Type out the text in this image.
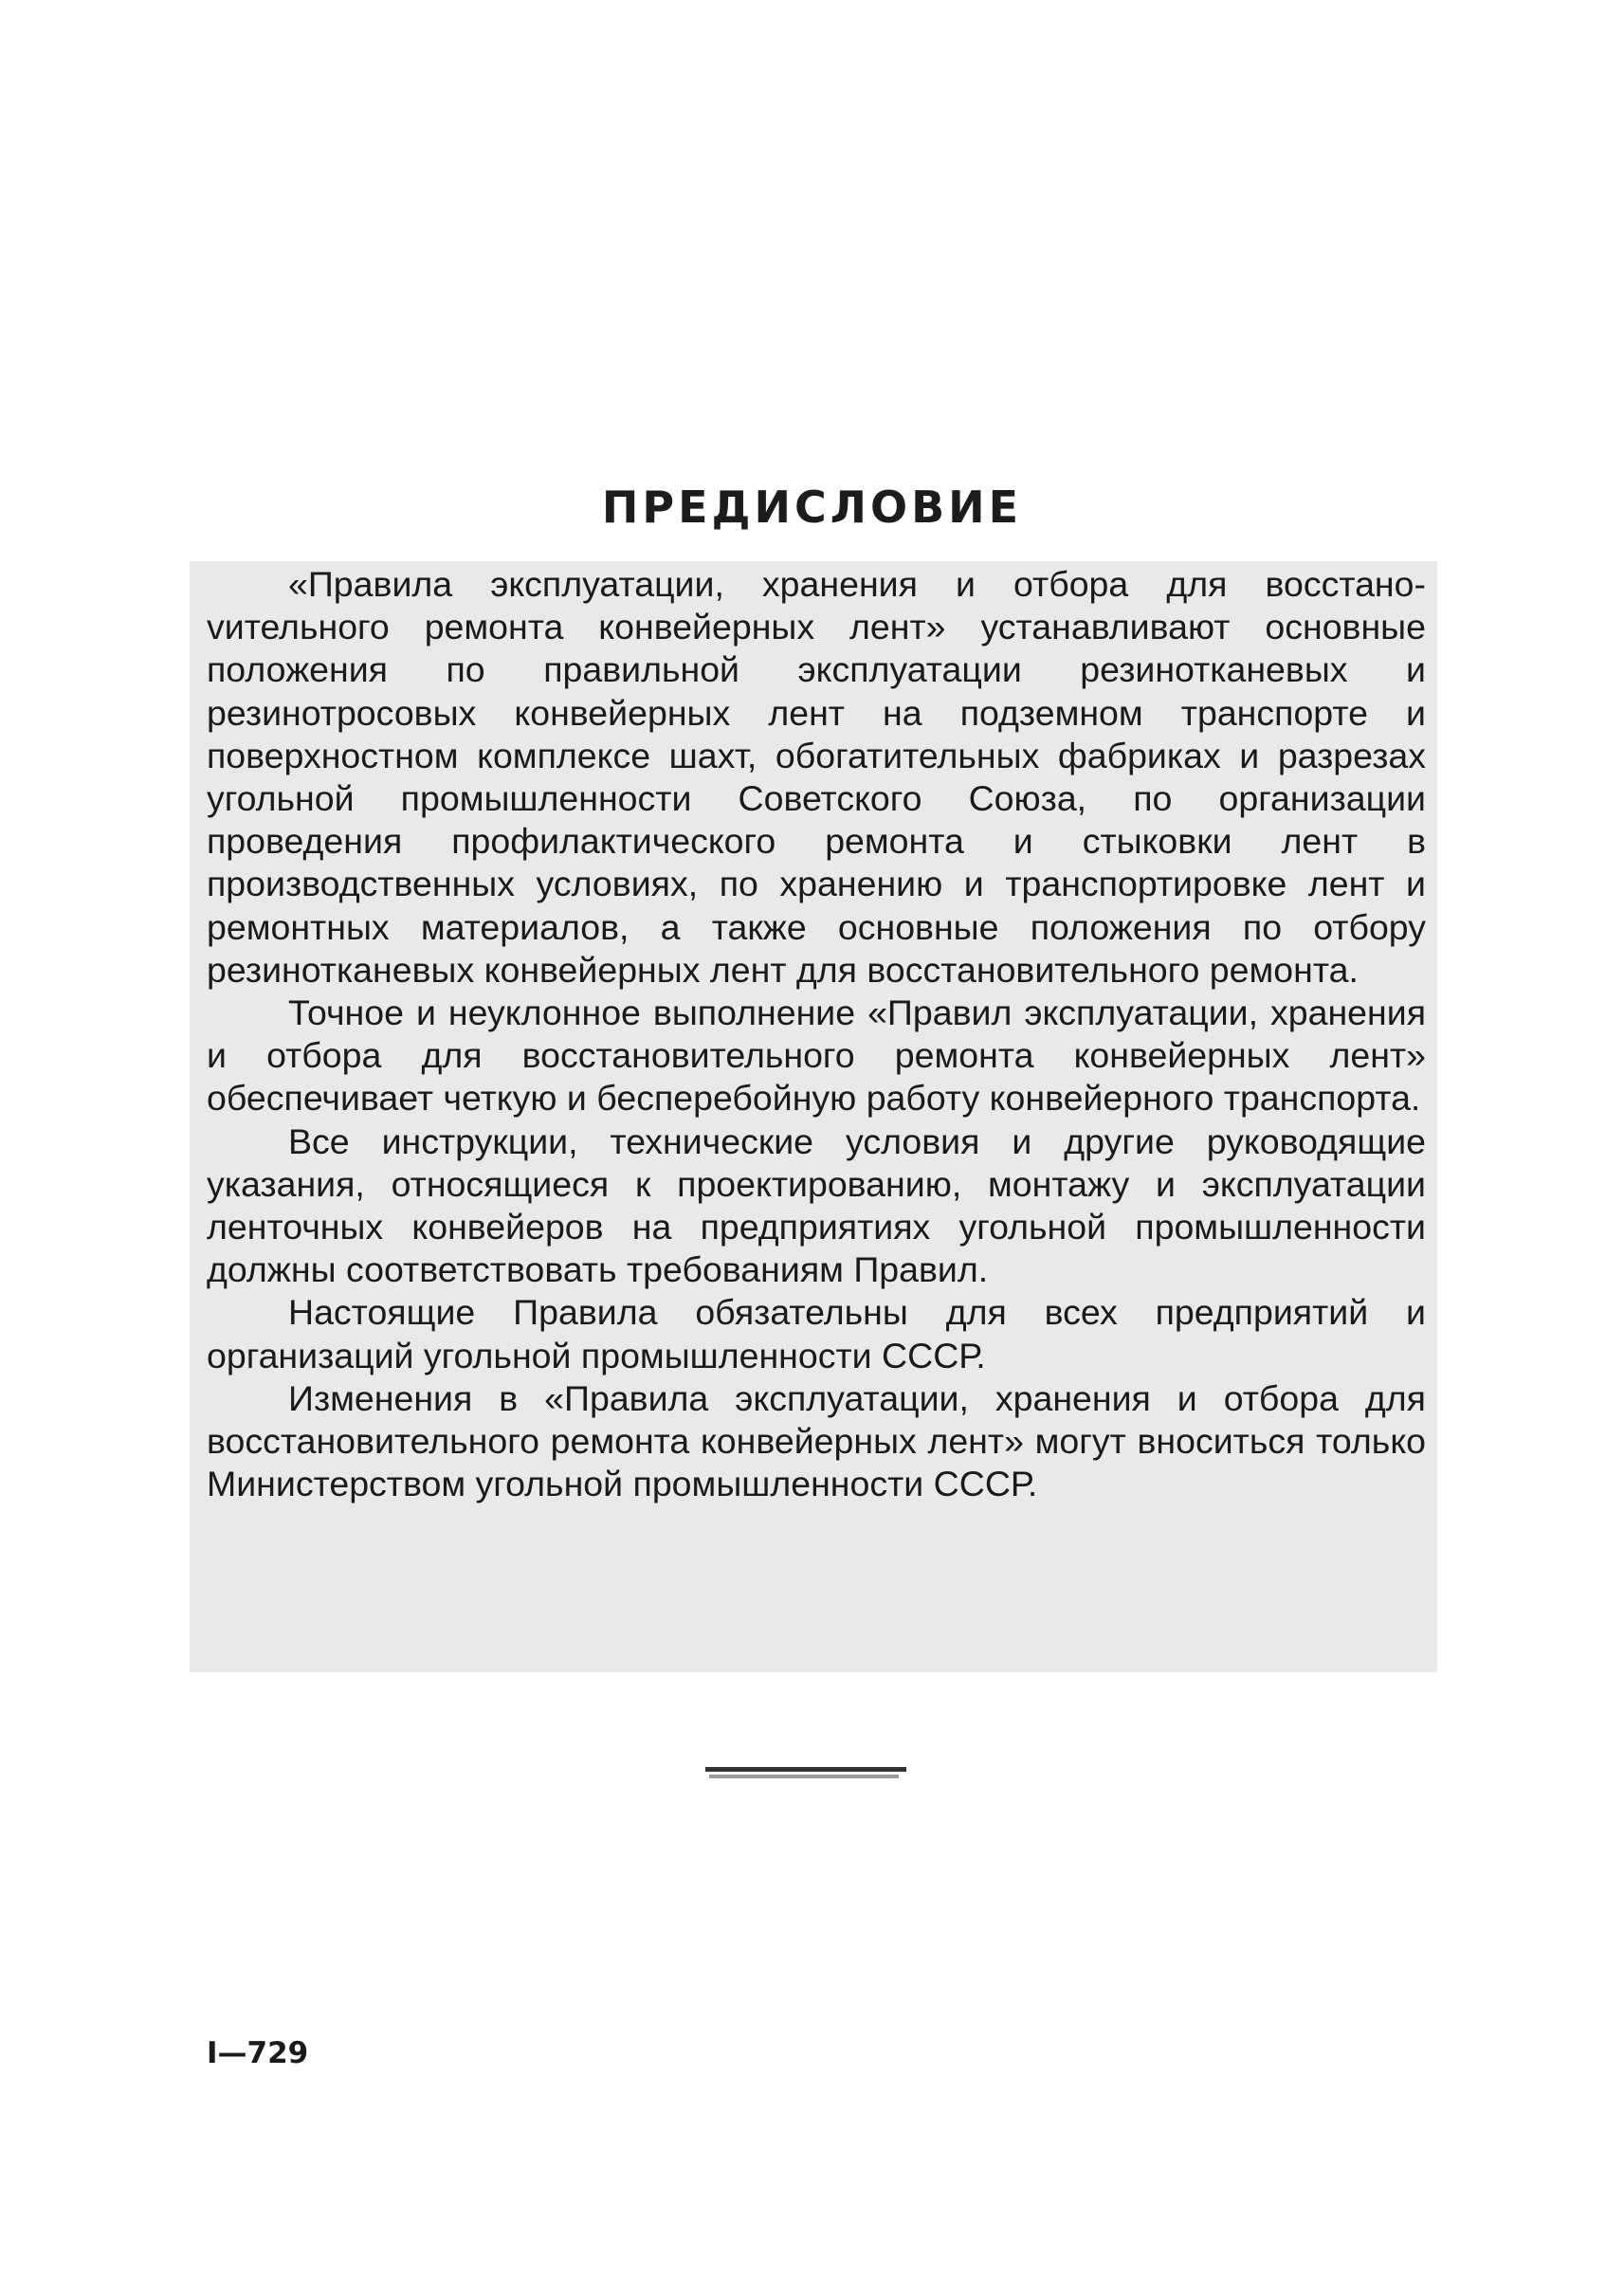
ПРЕДИСЛОВИЕ

«Правила эксплуатации, хранения и отбора для восстаноvительного ремонта конвейерных лент» устанавливают основные положения по правильной эксплуатации резинотканевых и резинотросовых конвейерных лент на подземном транспорте и поверхностном комплексе шахт, обогатительных фабриках и разрезах угольной промышленности Советского Союза, по организации проведения профилактического ремонта и стыковки лент в производственных условиях, по хранению и транспортировке лент и ремонтных материалов, а также основные положения по отбору резинотканевых конвейерных лент для восстановительного ремонта.

Точное и неуклонное выполнение «Правил эксплуатации, хранения и отбора для восстановительного ремонта конвейерных лент» обеспечивает четкую и бесперебойную работу конвейерного транспорта.

Все инструкции, технические условия и другие руководящие указания, относящиеся к проектированию, монтажу и эксплуатации ленточных конвейеров на предприятиях угольной промышленности должны соответствовать требованиям Правил.

Настоящие Правила обязательны для всех предприятий и организаций угольной промышленности СССР.

Изменения в «Правила эксплуатации, хранения и отбора для восстановительного ремонта конвейерных лент» могут вноситься только Министерством угольной промышленности СССР.

I—729
